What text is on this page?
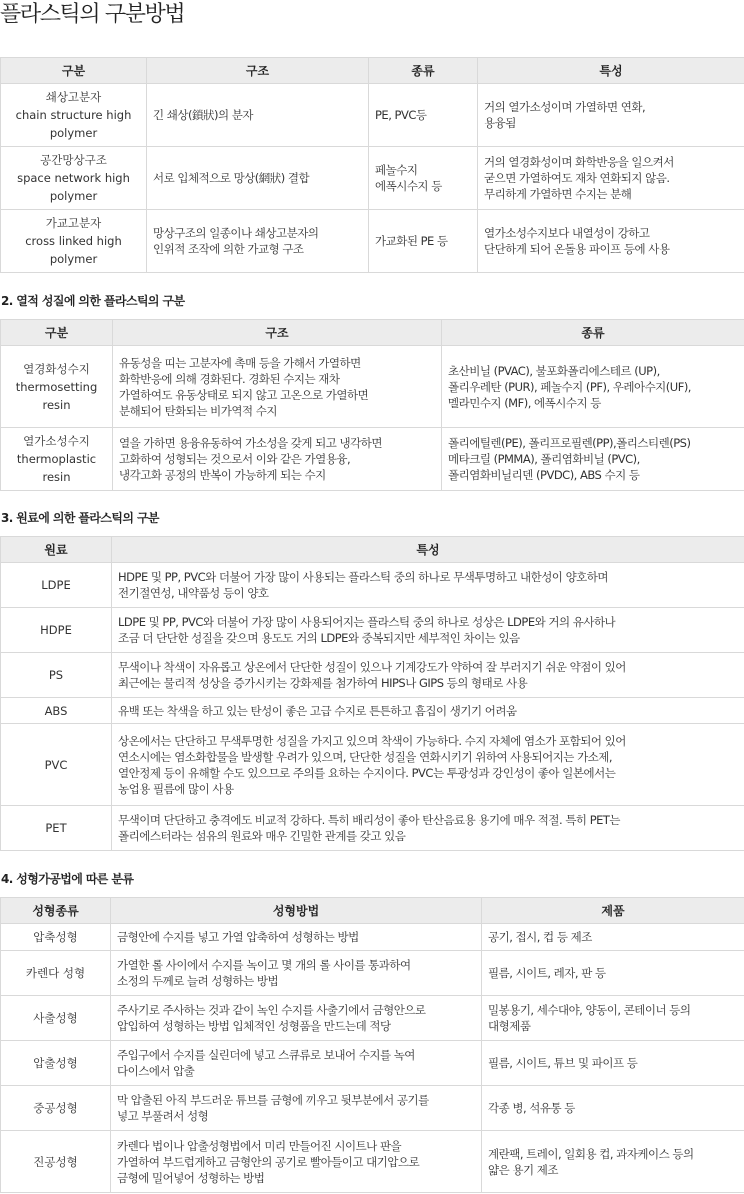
플라스틱의 구분방법
구분	구조	종류	특성
쇄상고분자
chain structure high
polymer	긴 쇄상(鎖狀)의 분자	PE, PVC등	거의 열가소성이며 가열하면 연화,
용융됨

공간망상구조
space network high
polymer	서로 입체적으로 망상(網狀) 결합	페놀수지
에폭시수지 등	거의 열경화성이며 화학반응을 일으켜서
굳으면 가열하여도 재차 연화되지 않음.
무리하게 가열하면 수지는 분해

가교고분자
cross linked high
polymer	망상구조의 일종이나 쇄상고분자의
인위적 조작에 의한 가교형 구조	가교화된 PE 등	열가소성수지보다 내열성이 강하고
단단하게 되어 온돌용 파이프 등에 사용
2. 열적 성질에 의한 플라스틱의 구분
구분	구조	종류
열경화성수지
thermosetting
resin	유동성을 띠는 고분자에 촉매 등을 가해서 가열하면
화학반응에 의해 경화된다. 경화된 수지는 재차
가열하여도 유동상태로 되지 않고 고온으로 가열하면
분해되어 탄화되는 비가역적 수지	초산비닐 (PVAC), 불포화폴리에스테르 (UP),
폴리우레탄 (PUR), 페놀수지 (PF), 우레아수지(UF),
멜라민수지 (MF), 에폭시수지 등

열가소성수지
thermoplastic
resin	열을 가하면 용융유동하여 가소성을 갖게 되고 냉각하면
고화하여 성형되는 것으로서 이와 같은 가열용융,
냉각고화 공정의 반복이 가능하게 되는 수지	폴리에틸렌(PE), 폴리프로필렌(PP),폴리스티렌(PS)
메타크릴 (PMMA), 폴리염화비닐 (PVC),
폴리염화비닐리덴 (PVDC), ABS 수지 등
3. 원료에 의한 플라스틱의 구분
원료	특성
LDPE	HDPE 및 PP, PVC와 더불어 가장 많이 사용되는 플라스틱 중의 하나로 무색투명하고 내한성이 양호하며
전기절연성, 내약품성 등이 양호

HDPE	LDPE 및 PP, PVC와 더불어 가장 많이 사용되어지는 플라스틱 중의 하나로 성상은 LDPE와 거의 유사하나
조금 더 단단한 성질을 갖으며 용도도 거의 LDPE와 중복되지만 세부적인 차이는 있음

PS	무색이나 착색이 자유롭고 상온에서 단단한 성질이 있으나 기계강도가 약하여 잘 부러지기 쉬운 약점이 있어
최근에는 물리적 성상을 증가시키는 강화제를 첨가하여 HIPS나 GIPS 등의 형태로 사용

ABS	유백 또는 착색을 하고 있는 탄성이 좋은 고급 수지로 튼튼하고 흠집이 생기기 어려움

PVC	상온에서는 단단하고 무색투명한 성질을 가지고 있으며 착색이 가능하다. 수지 자체에 염소가 포함되어 있어
연소시에는 염소화합물을 발생할 우려가 있으며, 단단한 성질을 연화시키기 위하여 사용되어지는 가소제,
열안정제 등이 유해할 수도 있으므로 주의를 요하는 수지이다. PVC는 투광성과 강인성이 좋아 일본에서는
농업용 필름에 많이 사용

PET	무색이며 단단하고 충격에도 비교적 강하다. 특히 배리성이 좋아 탄산음료용 용기에 매우 적절. 특히 PET는
폴리에스터라는 섬유의 원료와 매우 긴밀한 관계를 갖고 있음
4. 성형가공법에 따른 분류
성형종류	성형방법	제품
압축성형	금형안에 수지를 넣고 가열 압축하여 성형하는 방법	공기, 접시, 컵 등 제조

카렌다 성형	가열한 롤 사이에서 수지를 녹이고 몇 개의 롤 사이를 통과하여
소정의 두께로 늘려 성형하는 방법	필름, 시이트, 레자, 판 등

사출성형	주사기로 주사하는 것과 같이 녹인 수지를 사출기에서 금형안으로
압입하여 성형하는 방법 입체적인 성형품을 만드는데 적당	밀봉용기, 세수대야, 양동이, 콘테이너 등의
대형제품

압출성형	주입구에서 수지를 실린더에 넣고 스큐류로 보내어 수지를 녹여
다이스에서 압출	필름, 시이트, 튜브 및 파이프 등

중공성형	막 압출된 아직 부드러운 튜브를 금형에 끼우고 뒷부분에서 공기를
넣고 부풀려서 성형	각종 병, 석유통 등

진공성형	카렌다 법이나 압출성형법에서 미리 만들어진 시이트나 판을
가열하여 부드럽게하고 금형안의 공기로 빨아들이고 대기압으로
금형에 밀어넣어 성형하는 방법	계란팩, 트레이, 일회용 컵, 과자케이스 등의
얇은 용기 제조
